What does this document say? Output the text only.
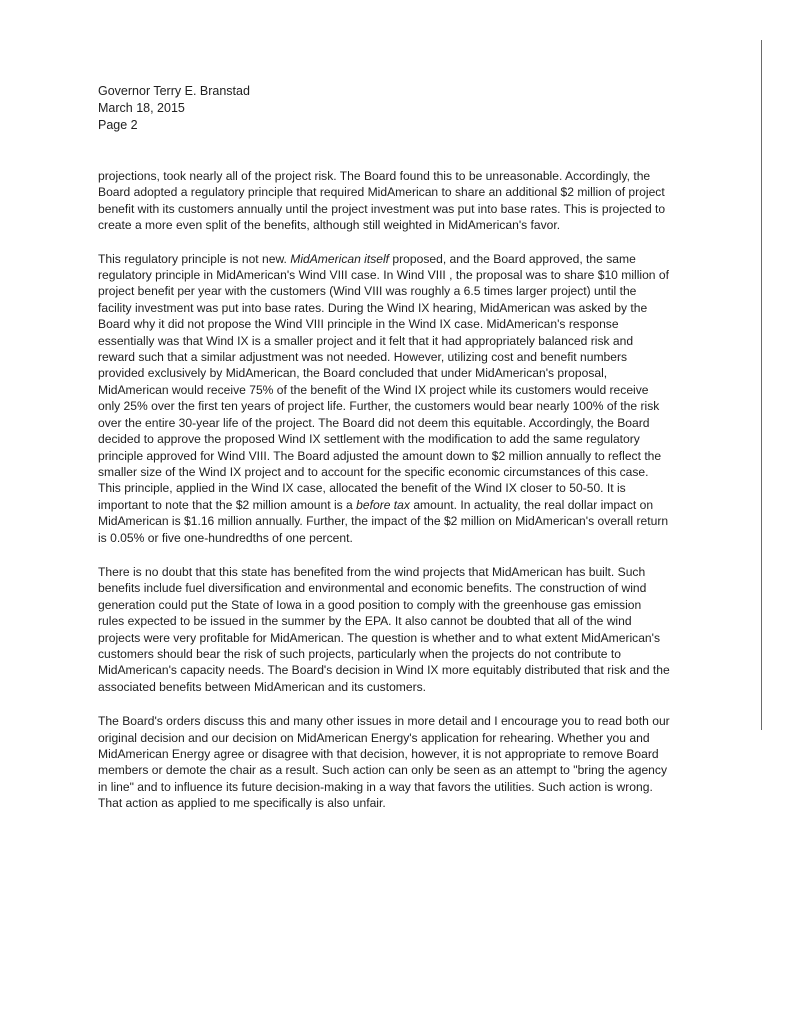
Governor Terry E. Branstad
March 18, 2015
Page 2

projections, took nearly all of the project risk. The Board found this to be unreasonable. Accordingly, the Board adopted a regulatory principle that required MidAmerican to share an additional $2 million of project benefit with its customers annually until the project investment was put into base rates. This is projected to create a more even split of the benefits, although still weighted in MidAmerican's favor.

This regulatory principle is not new. MidAmerican itself proposed, and the Board approved, the same regulatory principle in MidAmerican's Wind VIII case. In Wind VIII , the proposal was to share $10 million of project benefit per year with the customers (Wind VIII was roughly a 6.5 times larger project) until the facility investment was put into base rates. During the Wind IX hearing, MidAmerican was asked by the Board why it did not propose the Wind VIII principle in the Wind IX case. MidAmerican's response essentially was that Wind IX is a smaller project and it felt that it had appropriately balanced risk and reward such that a similar adjustment was not needed. However, utilizing cost and benefit numbers provided exclusively by MidAmerican, the Board concluded that under MidAmerican's proposal, MidAmerican would receive 75% of the benefit of the Wind IX project while its customers would receive only 25% over the first ten years of project life. Further, the customers would bear nearly 100% of the risk over the entire 30-year life of the project. The Board did not deem this equitable. Accordingly, the Board decided to approve the proposed Wind IX settlement with the modification to add the same regulatory principle approved for Wind VIII. The Board adjusted the amount down to $2 million annually to reflect the smaller size of the Wind IX project and to account for the specific economic circumstances of this case. This principle, applied in the Wind IX case, allocated the benefit of the Wind IX closer to 50-50. It is important to note that the $2 million amount is a before tax amount. In actuality, the real dollar impact on MidAmerican is $1.16 million annually. Further, the impact of the $2 million on MidAmerican's overall return is 0.05% or five one-hundredths of one percent.

There is no doubt that this state has benefited from the wind projects that MidAmerican has built. Such benefits include fuel diversification and environmental and economic benefits. The construction of wind generation could put the State of Iowa in a good position to comply with the greenhouse gas emission rules expected to be issued in the summer by the EPA. It also cannot be doubted that all of the wind projects were very profitable for MidAmerican. The question is whether and to what extent MidAmerican's customers should bear the risk of such projects, particularly when the projects do not contribute to MidAmerican's capacity needs. The Board's decision in Wind IX more equitably distributed that risk and the associated benefits between MidAmerican and its customers.

The Board's orders discuss this and many other issues in more detail and I encourage you to read both our original decision and our decision on MidAmerican Energy's application for rehearing. Whether you and MidAmerican Energy agree or disagree with that decision, however, it is not appropriate to remove Board members or demote the chair as a result. Such action can only be seen as an attempt to "bring the agency in line" and to influence its future decision-making in a way that favors the utilities. Such action is wrong. That action as applied to me specifically is also unfair.
